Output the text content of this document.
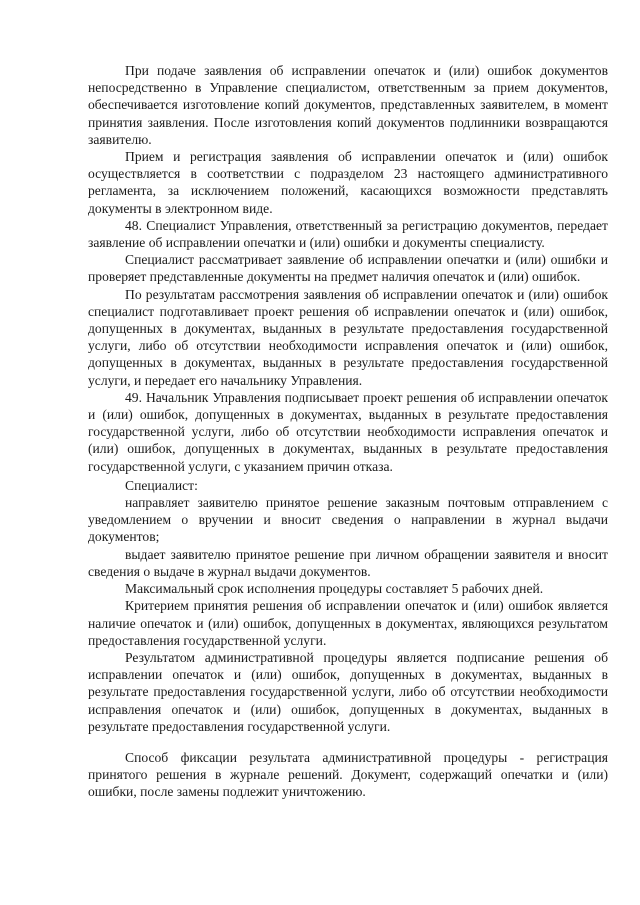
При подаче заявления об исправлении опечаток и (или) ошибок документов непосредственно в Управление специалистом, ответственным за прием документов, обеспечивается изготовление копий документов, представленных заявителем, в момент принятия заявления. После изготовления копий документов подлинники возвращаются заявителю.

Прием и регистрация заявления об исправлении опечаток и (или) ошибок осуществляется в соответствии с подразделом 23 настоящего административного регламента, за исключением положений, касающихся возможности представлять документы в электронном виде.

48. Специалист Управления, ответственный за регистрацию документов, передает заявление об исправлении опечатки и (или) ошибки и документы специалисту.

Специалист рассматривает заявление об исправлении опечатки и (или) ошибки и проверяет представленные документы на предмет наличия опечаток и (или) ошибок.

По результатам рассмотрения заявления об исправлении опечаток и (или) ошибок специалист подготавливает проект решения об исправлении опечаток и (или) ошибок, допущенных в документах, выданных в результате предоставления государственной услуги, либо об отсутствии необходимости исправления опечаток и (или) ошибок, допущенных в документах, выданных в результате предоставления государственной услуги, и передает его начальнику Управления.

49. Начальник Управления подписывает проект решения об исправлении опечаток и (или) ошибок, допущенных в документах, выданных в результате предоставления государственной услуги, либо об отсутствии необходимости исправления опечаток и (или) ошибок, допущенных в документах, выданных в результате предоставления государственной услуги, с указанием причин отказа.

Специалист:

направляет заявителю принятое решение заказным почтовым отправлением с уведомлением о вручении и вносит сведения о направлении в журнал выдачи документов;

выдает заявителю принятое решение при личном обращении заявителя и вносит сведения о выдаче в журнал выдачи документов.

Максимальный срок исполнения процедуры составляет 5 рабочих дней.

Критерием принятия решения об исправлении опечаток и (или) ошибок является наличие опечаток и (или) ошибок, допущенных в документах, являющихся результатом предоставления государственной услуги.

Результатом административной процедуры является подписание решения об исправлении опечаток и (или) ошибок, допущенных в документах, выданных в результате предоставления государственной услуги, либо об отсутствии необходимости исправления опечаток и (или) ошибок, допущенных в документах, выданных в результате предоставления государственной услуги.

Способ фиксации результата административной процедуры - регистрация принятого решения в журнале решений. Документ, содержащий опечатки и (или) ошибки, после замены подлежит уничтожению.
